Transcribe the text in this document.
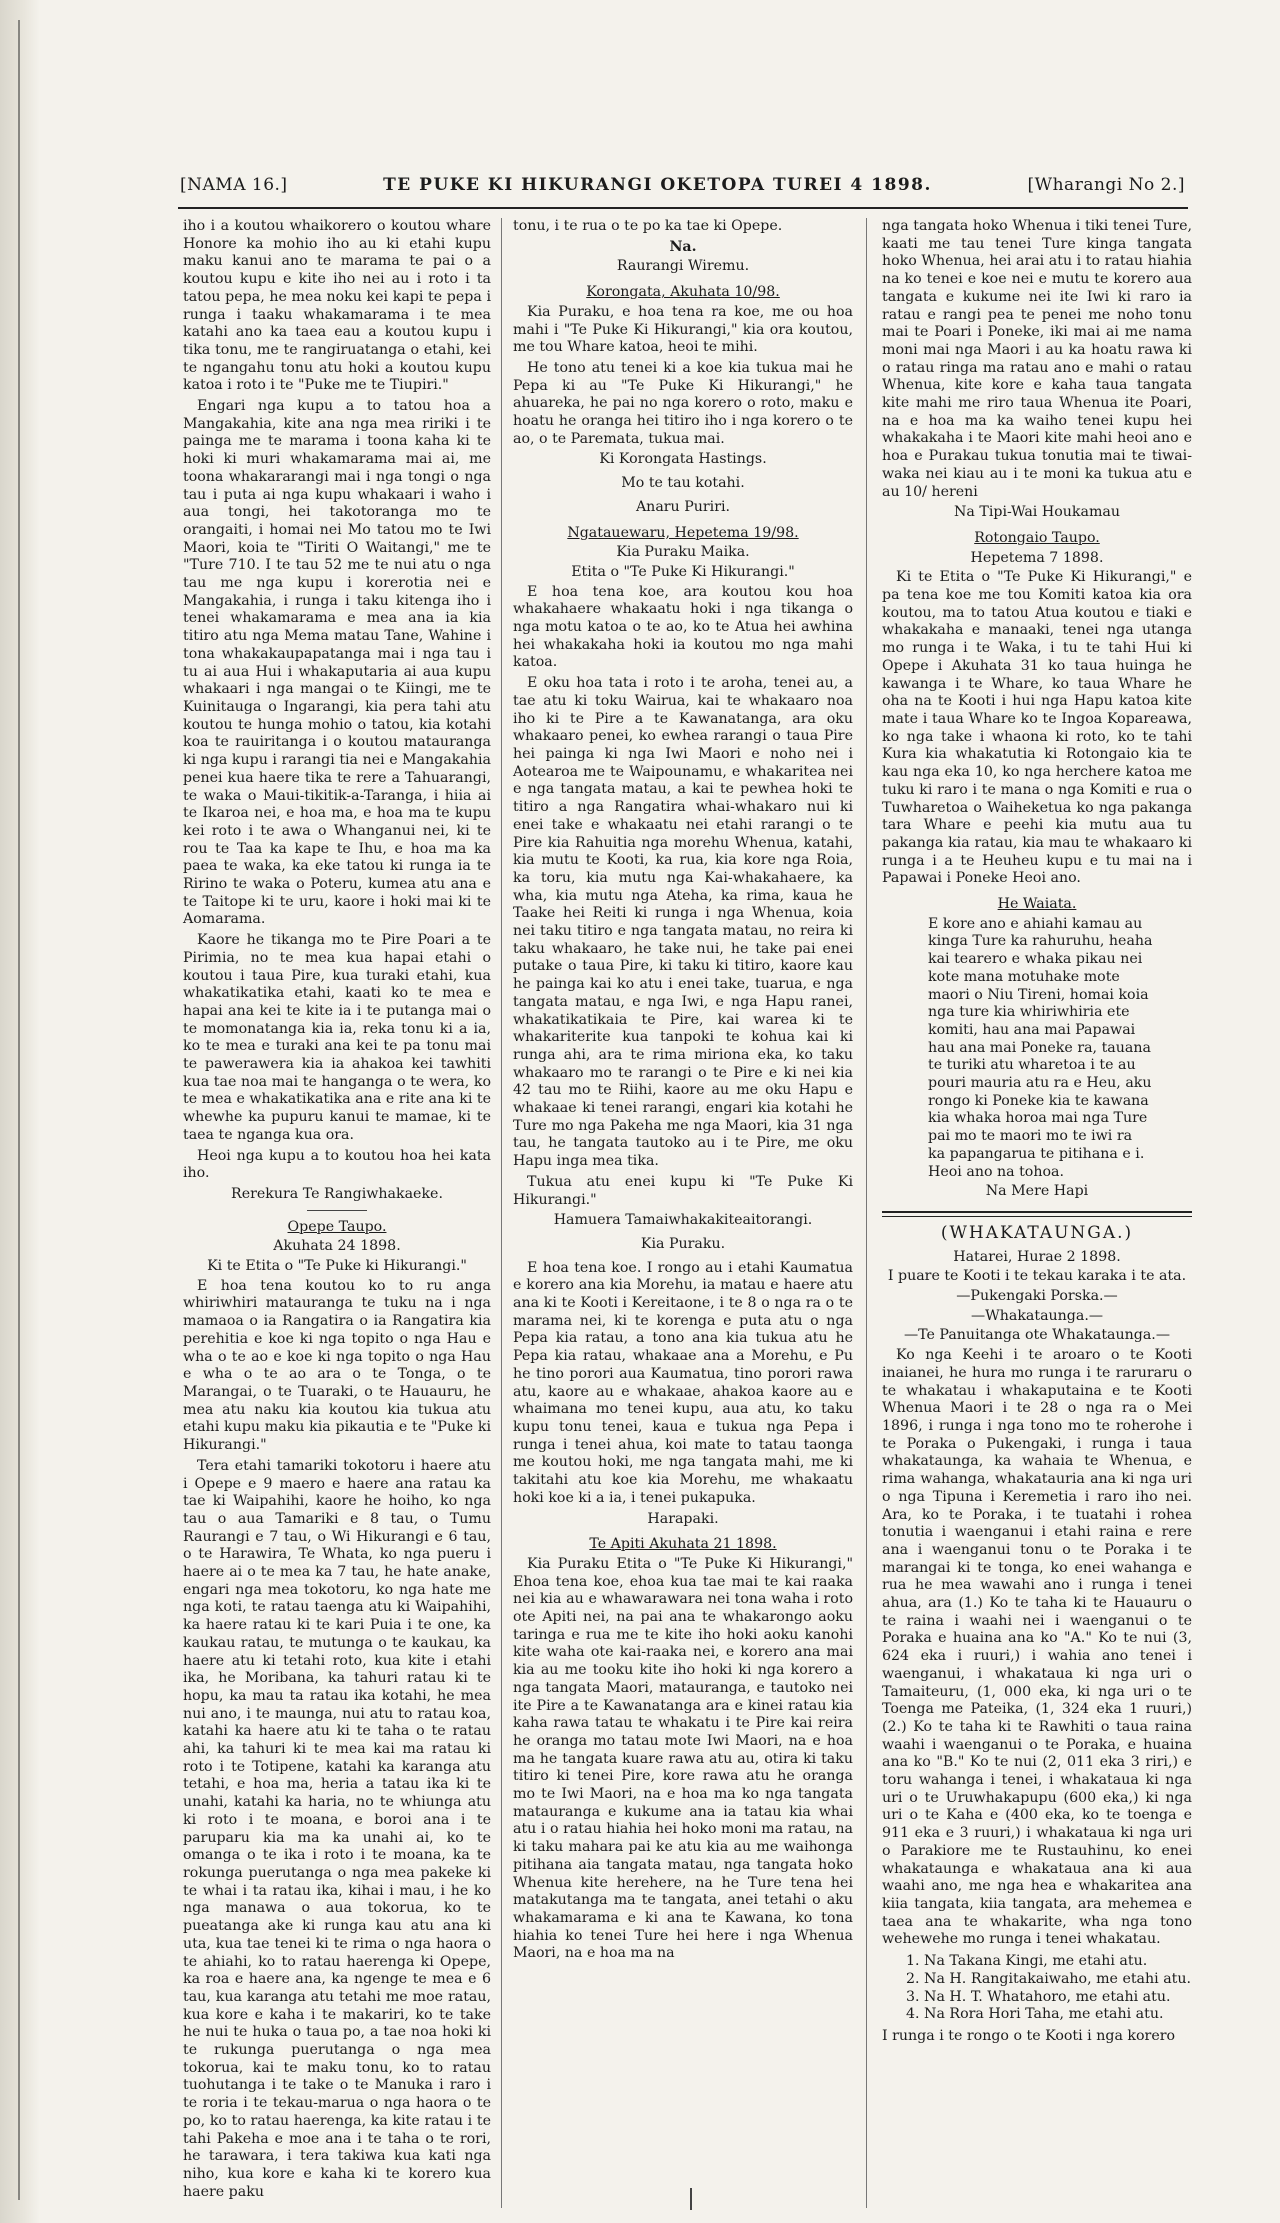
[NAMA 16.]	TE PUKE KI HIKURANGI OKETOPA TUREI 4 1898.	[Wharangi No 2.]

iho i a koutou whaikorero o koutou whare Honore ka mohio iho au ki etahi kupu maku kanui ano te marama te pai o a koutou kupu e kite iho nei au i roto i ta tatou pepa, he mea noku kei kapi te pepa i runga i taaku whakamarama i te mea katahi ano ka taea eau a koutou kupu i tika tonu, me te rangiruatanga o etahi, kei te ngangahu tonu atu hoki a koutou kupu katoa i roto i te "Puke me te Tiupiri."

Engari nga kupu a to tatou hoa a Mangakahia, kite ana nga mea ririki i te painga me te marama i toona kaha ki te hoki ki muri whakamarama mai ai, me toona whakararangi mai i nga tongi o nga tau i puta ai nga kupu whakaari i waho i aua tongi, hei takotoranga mo te orangaiti, i homai nei Mo tatou mo te Iwi Maori, koia te "Tiriti O Waitangi," me te "Ture 710. I te tau 52 me te nui atu o nga tau me nga kupu i korerotia nei e Mangakahia, i runga i taku kitenga iho i tenei whakamarama e mea ana ia kia titiro atu nga Mema matau Tane, Wahine i tona whakakaupapatanga mai i nga tau i tu ai aua Hui i whakaputaria ai aua kupu whakaari i nga mangai o te Kiingi, me te Kuinitauga o Ingarangi, kia pera tahi atu koutou te hunga mohio o tatou, kia kotahi koa te rauiritanga i o koutou matauranga ki nga kupu i rarangi tia nei e Mangakahia penei kua haere tika te rere a Tahuarangi, te waka o Maui-tikitik-a-Taranga, i hiia ai te Ikaroa nei, e hoa ma, e hoa ma te kupu kei roto i te awa o Whanganui nei, ki te rou te Taa ka kape te Ihu, e hoa ma ka paea te waka, ka eke tatou ki runga ia te Ririno te waka o Poteru, kumea atu ana e te Taitope ki te uru, kaore i hoki mai ki te Aomarama.

Kaore he tikanga mo te Pire Poari a te Pirimia, no te mea kua hapai etahi o koutou i taua Pire, kua turaki etahi, kua whakatikatika etahi, kaati ko te mea e hapai ana kei te kite ia i te putanga mai o te momonatanga kia ia, reka tonu ki a ia, ko te mea e turaki ana kei te pa tonu mai te pawerawera kia ia ahakoa kei tawhiti kua tae noa mai te hanganga o te wera, ko te mea e whakatikatika ana e rite ana ki te whewhe ka pupuru kanui te mamae, ki te taea te nganga kua ora.

Heoi nga kupu a to koutou hoa hei kata iho.

Rerekura Te Rangiwhakaeke.
Opepe Taupo.
Akuhata 24 1898.
Ki te Etita o "Te Puke ki Hikurangi."

E hoa tena koutou ko to ru anga whiriwhiri matauranga te tuku na i nga mamaoa o ia Rangatira o ia Rangatira kia perehitia e koe ki nga topito o nga Hau e wha o te ao e koe ki nga topito o nga Hau e wha o te ao ara o te Tonga, o te Marangai, o te Tuaraki, o te Hauauru, he mea atu naku kia koutou kia tukua atu etahi kupu maku kia pikautia e te "Puke ki Hikurangi."

Tera etahi tamariki tokotoru i haere atu i Opepe e 9 maero e haere ana ratau ka tae ki Waipahihi, kaore he hoiho, ko nga tau o aua Tamariki e 8 tau, o Tumu Raurangi e 7 tau, o Wi Hikurangi e 6 tau, o te Harawira, Te Whata, ko nga pueru i haere ai o te mea ka 7 tau, he hate anake, engari nga mea tokotoru, ko nga hate me nga koti, te ratau taenga atu ki Waipahihi, ka haere ratau ki te kari Puia i te one, ka kaukau ratau, te mutunga o te kaukau, ka haere atu ki tetahi roto, kua kite i etahi ika, he Moribana, ka tahuri ratau ki te hopu, ka mau ta ratau ika kotahi, he mea nui ano, i te maunga, nui atu to ratau koa, katahi ka haere atu ki te taha o te ratau ahi, ka tahuri ki te mea kai ma ratau ki roto i te Totipene, katahi ka karanga atu tetahi, e hoa ma, heria a tatau ika ki te unahi, katahi ka haria, no te whiunga atu ki roto i te moana, e boroi ana i te paruparu kia ma ka unahi ai, ko te omanga o te ika i roto i te moana, ka te rokunga puerutanga o nga mea pakeke ki te whai i ta ratau ika, kihai i mau, i he ko nga manawa o aua tokorua, ko te pueatanga ake ki runga kau atu ana ki uta, kua tae tenei ki te rima o nga haora o te ahiahi, ko to ratau haerenga ki Opepe, ka roa e haere ana, ka ngenge te mea e 6 tau, kua karanga atu tetahi me moe ratau, kua kore e kaha i te makariri, ko te take he nui te huka o taua po, a tae noa hoki ki te rukunga puerutanga o nga mea tokorua, kai te maku tonu, ko to ratau tuohutanga i te take o te Manuka i raro i te roria i te tekau-marua o nga haora o te po, ko to ratau haerenga, ka kite ratau i te tahi Pakeha e moe ana i te taha o te rori, he tarawara, i tera takiwa kua kati nga niho, kua kore e kaha ki te korero kua haere paku

tonu, i te rua o te po ka tae ki Opepe.

Na.
Raurangi Wiremu.
Korongata, Akuhata 10/98.

Kia Puraku, e hoa tena ra koe, me ou hoa mahi i "Te Puke Ki Hikurangi," kia ora koutou, me tou Whare katoa, heoi te mihi.

He tono atu tenei ki a koe kia tukua mai he Pepa ki au "Te Puke Ki Hikurangi," he ahuareka, he pai no nga korero o roto, maku e hoatu he oranga hei titiro iho i nga korero o te ao, o te Paremata, tukua mai.

Ki Korongata Hastings.
Mo te tau kotahi.
Anaru Puriri.
Ngatauewaru, Hepetema 19/98.
Kia Puraku Maika.
Etita o "Te Puke Ki Hikurangi."

E hoa tena koe, ara koutou kou hoa whakahaere whakaatu hoki i nga tikanga o nga motu katoa o te ao, ko te Atua hei awhina hei whakakaha hoki ia koutou mo nga mahi katoa.

E oku hoa tata i roto i te aroha, tenei au, a tae atu ki toku Wairua, kai te whakaaro noa iho ki te Pire a te Kawanatanga, ara oku whakaaro penei, ko ewhea rarangi o taua Pire hei painga ki nga Iwi Maori e noho nei i Aotearoa me te Waipounamu, e whakaritea nei e nga tangata matau, a kai te pewhea hoki te titiro a nga Rangatira whai-whakaro nui ki enei take e whakaatu nei etahi rarangi o te Pire kia Rahuitia nga morehu Whenua, katahi, kia mutu te Kooti, ka rua, kia kore nga Roia, ka toru, kia mutu nga Kai-whakahaere, ka wha, kia mutu nga Ateha, ka rima, kaua he Taake hei Reiti ki runga i nga Whenua, koia nei taku titiro e nga tangata matau, no reira ki taku whakaaro, he take nui, he take pai enei putake o taua Pire, ki taku ki titiro, kaore kau he painga kai ko atu i enei take, tuarua, e nga tangata matau, e nga Iwi, e nga Hapu ranei, whakatikatikaia te Pire, kai warea ki te whakariterite kua tanpoki te kohua kai ki runga ahi, ara te rima miriona eka, ko taku whakaaro mo te rarangi o te Pire e ki nei kia 42 tau mo te Riihi, kaore au me oku Hapu e whakaae ki tenei rarangi, engari kia kotahi he Ture mo nga Pakeha me nga Maori, kia 31 nga tau, he tangata tautoko au i te Pire, me oku Hapu inga mea tika.

Tukua atu enei kupu ki "Te Puke Ki Hikurangi."

Hamuera Tamaiwhakakiteaitorangi.
Kia Puraku.

E hoa tena koe. I rongo au i etahi Kaumatua e korero ana kia Morehu, ia matau e haere atu ana ki te Kooti i Kereitaone, i te 8 o nga ra o te marama nei, ki te korenga e puta atu o nga Pepa kia ratau, a tono ana kia tukua atu he Pepa kia ratau, whakaae ana a Morehu, e Pu he tino porori aua Kaumatua, tino porori rawa atu, kaore au e whakaae, ahakoa kaore au e whaimana mo tenei kupu, aua atu, ko taku kupu tonu tenei, kaua e tukua nga Pepa i runga i tenei ahua, koi mate to tatau taonga me koutou hoki, me nga tangata mahi, me ki takitahi atu koe kia Morehu, me whakaatu hoki koe ki a ia, i tenei pukapuka.

Harapaki.
Te Apiti Akuhata 21 1898.

Kia Puraku Etita o "Te Puke Ki Hikurangi," Ehoa tena koe, ehoa kua tae mai te kai raaka nei kia au e whawarawara nei tona waha i roto ote Apiti nei, na pai ana te whakarongo aoku taringa e rua me te kite iho hoki aoku kanohi kite waha ote kai-raaka nei, e korero ana mai kia au me tooku kite iho hoki ki nga korero a nga tangata Maori, matauranga, e tautoko nei ite Pire a te Kawanatanga ara e kinei ratau kia kaha rawa tatau te whakatu i te Pire kai reira he oranga mo tatau mote Iwi Maori, na e hoa ma he tangata kuare rawa atu au, otira ki taku titiro ki tenei Pire, kore rawa atu he oranga mo te Iwi Maori, na e hoa ma ko nga tangata matauranga e kukume ana ia tatau kia whai atu i o ratau hiahia hei hoko moni ma ratau, na ki taku mahara pai ke atu kia au me waihonga pitihana aia tangata matau, nga tangata hoko Whenua kite herehere, na he Ture tena hei matakutanga ma te tangata, anei tetahi o aku whakamarama e ki ana te Kawana, ko tona hiahia ko tenei Ture hei here i nga Whenua Maori, na e hoa ma na

nga tangata hoko Whenua i tiki tenei Ture, kaati me tau tenei Ture kinga tangata hoko Whenua, hei arai atu i to ratau hiahia na ko tenei e koe nei e mutu te korero aua tangata e kukume nei ite Iwi ki raro ia ratau e rangi pea te penei me noho tonu mai te Poari i Poneke, iki mai ai me nama moni mai nga Maori i au ka hoatu rawa ki o ratau ringa ma ratau ano e mahi o ratau Whenua, kite kore e kaha taua tangata kite mahi me riro taua Whenua ite Poari, na e hoa ma ka waiho tenei kupu hei whakakaha i te Maori kite mahi heoi ano e hoa e Purakau tukua tonutia mai te tiwai-waka nei kiau au i te moni ka tukua atu e au 10/ hereni

Na Tipi-Wai Houkamau
Rotongaio Taupo.
Hepetema 7 1898.

Ki te Etita o "Te Puke Ki Hikurangi," e pa tena koe me tou Komiti katoa kia ora koutou, ma to tatou Atua koutou e tiaki e whakakaha e manaaki, tenei nga utanga mo runga i te Waka, i tu te tahi Hui ki Opepe i Akuhata 31 ko taua huinga he kawanga i te Whare, ko taua Whare he oha na te Kooti i hui nga Hapu katoa kite mate i taua Whare ko te Ingoa Kopareawa, ko nga take i whaona ki roto, ko te tahi Kura kia whakatutia ki Rotongaio kia te kau nga eka 10, ko nga herchere katoa me tuku ki raro i te mana o nga Komiti e rua o Tuwharetoa o Waiheketua ko nga pakanga tara Whare e peehi kia mutu aua tu pakanga kia ratau, kia mau te whakaaro ki runga i a te Heuheu kupu e tu mai na i Papawai i Poneke Heoi ano.

He Waiata.

E kore ano e ahiahi kamau au

kinga Ture ka rahuruhu, heaha

kai tearero e whaka pikau nei

kote mana motuhake mote

maori o Niu Tireni, homai koia

nga ture kia whiriwhiria ete

komiti, hau ana mai Papawai

hau ana mai Poneke ra, tauana

te turiki atu wharetoa i te au

pouri mauria atu ra e Heu, aku

rongo ki Poneke kia te kawana

kia whaka horoa mai nga Ture

pai mo te maori mo te iwi ra

ka papangarua te pitihana e i.

Heoi ano na tohoa.

Na Mere Hapi
(WHAKATAUNGA.)
Hatarei, Hurae 2 1898.
I puare te Kooti i te tekau karaka i te ata.
—Pukengaki Porska.—
—Whakataunga.—
—Te Panuitanga ote Whakataunga.—

Ko nga Keehi i te aroaro o te Kooti inaianei, he hura mo runga i te raruraru o te whakatau i whakaputaina e te Kooti Whenua Maori i te 28 o nga ra o Mei 1896, i runga i nga tono mo te roherohe i te Poraka o Pukengaki, i runga i taua whakataunga, ka wahaia te Whenua, e rima wahanga, whakatauria ana ki nga uri o nga Tipuna i Keremetia i raro iho nei. Ara, ko te Poraka, i te tuatahi i rohea tonutia i waenganui i etahi raina e rere ana i waenganui tonu o te Poraka i te marangai ki te tonga, ko enei wahanga e rua he mea wawahi ano i runga i tenei ahua, ara (1.) Ko te taha ki te Hauauru o te raina i waahi nei i waenganui o te Poraka e huaina ana ko "A." Ko te nui (3, 624 eka i ruuri,) i wahia ano tenei i waenganui, i whakataua ki nga uri o Tamaiteuru, (1, 000 eka, ki nga uri o te Toenga me Pateika, (1, 324 eka 1 ruuri,) (2.) Ko te taha ki te Rawhiti o taua raina waahi i waenganui o te Poraka, e huaina ana ko "B." Ko te nui (2, 011 eka 3 riri,) e toru wahanga i tenei, i whakataua ki nga uri o te Uruwhakapupu (600 eka,) ki nga uri o te Kaha e (400 eka, ko te toenga e 911 eka e 3 ruuri,) i whakataua ki nga uri o Parakiore me te Rustauhinu, ko enei whakataunga e whakataua ana ki aua waahi ano, me nga hea e whakaritea ana kiia tangata, kiia tangata, ara mehemea e taea ana te whakarite, wha nga tono wehewehe mo runga i tenei whakatau.

1. Na Takana Kingi, me etahi atu.
2. Na H. Rangitakaiwaho, me etahi atu.
3. Na H. T. Whatahoro, me etahi atu.
4. Na Rora Hori Taha, me etahi atu.

I runga i te rongo o te Kooti i nga korero
